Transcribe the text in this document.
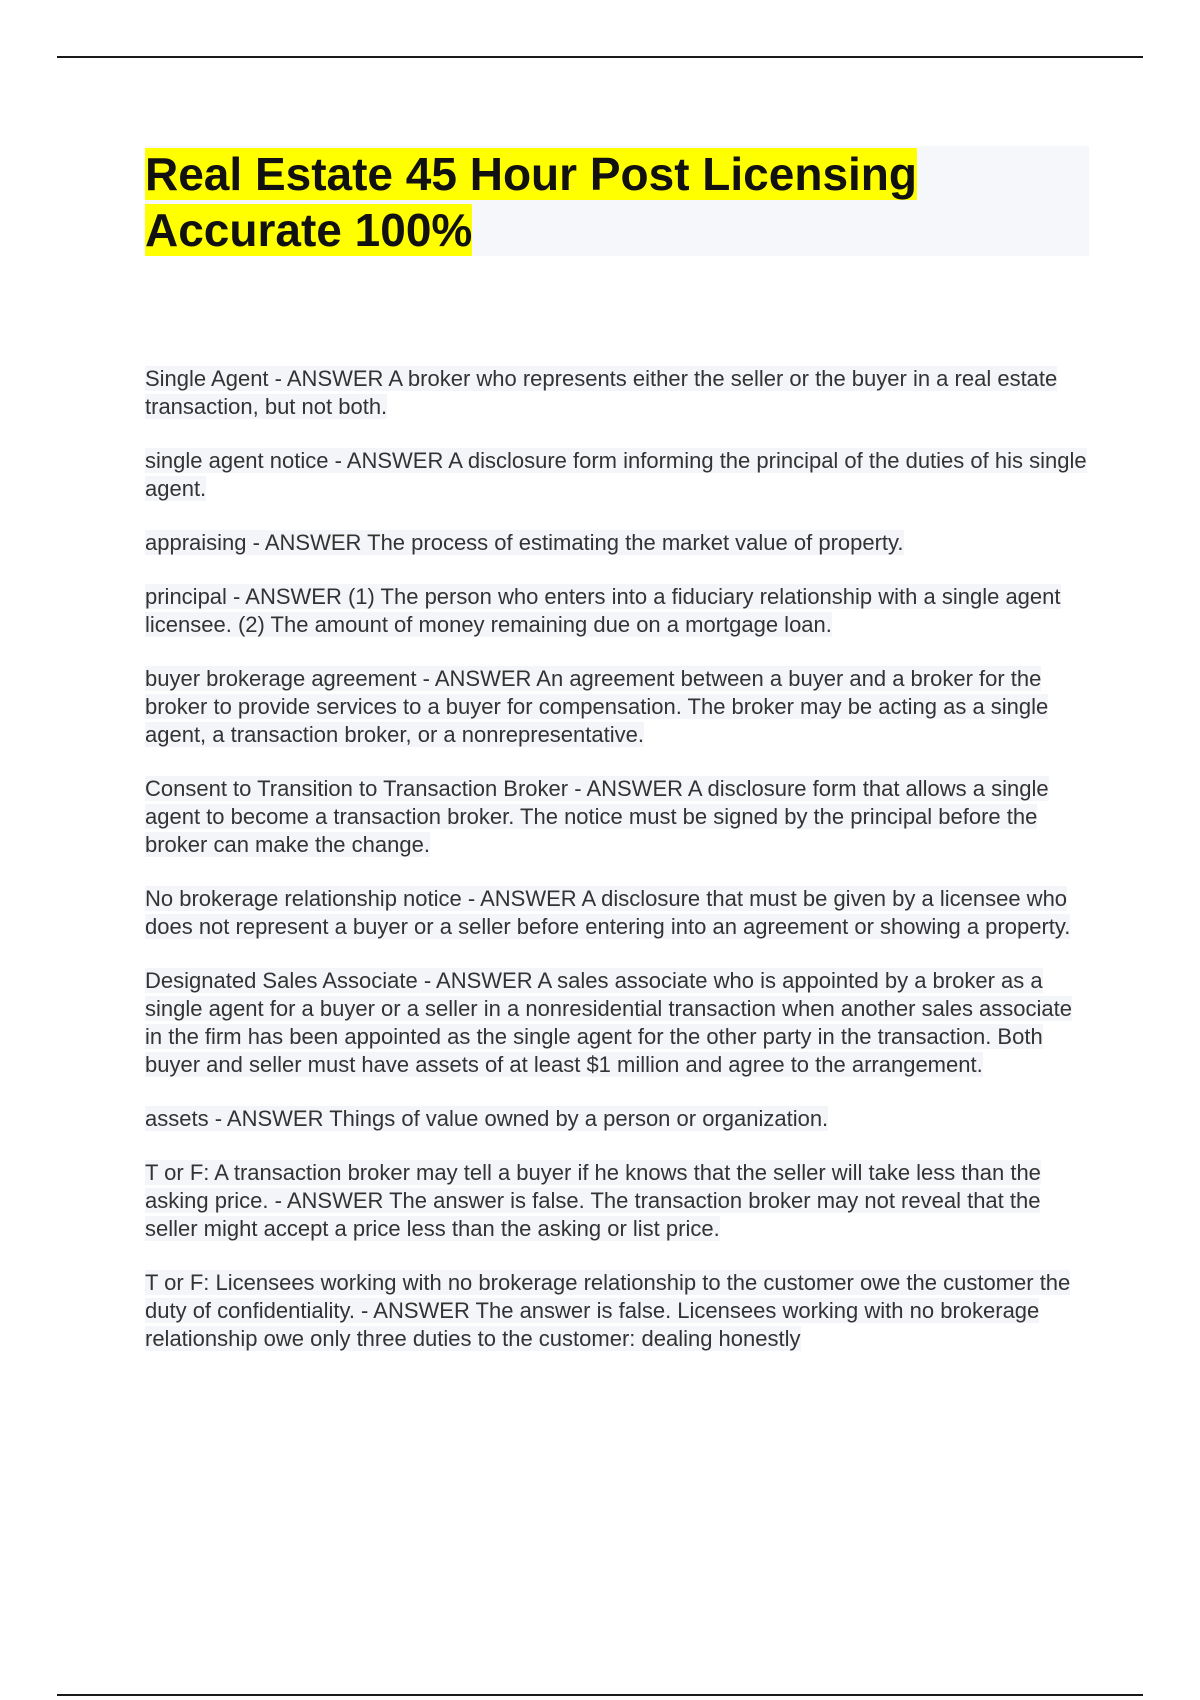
Real Estate 45 Hour Post Licensing Accurate 100%

Single Agent - ANSWER A broker who represents either the seller or the buyer in a real estate transaction, but not both.

single agent notice - ANSWER A disclosure form informing the principal of the duties of his single agent.

appraising - ANSWER The process of estimating the market value of property.

principal - ANSWER (1) The person who enters into a fiduciary relationship with a single agent licensee. (2) The amount of money remaining due on a mortgage loan.

buyer brokerage agreement - ANSWER An agreement between a buyer and a broker for the broker to provide services to a buyer for compensation. The broker may be acting as a single agent, a transaction broker, or a nonrepresentative.

Consent to Transition to Transaction Broker - ANSWER A disclosure form that allows a single agent to become a transaction broker. The notice must be signed by the principal before the broker can make the change.

No brokerage relationship notice - ANSWER A disclosure that must be given by a licensee who does not represent a buyer or a seller before entering into an agreement or showing a property.

Designated Sales Associate - ANSWER A sales associate who is appointed by a broker as a single agent for a buyer or a seller in a nonresidential transaction when another sales associate in the firm has been appointed as the single agent for the other party in the transaction. Both buyer and seller must have assets of at least $1 million and agree to the arrangement.

assets - ANSWER Things of value owned by a person or organization.

T or F: A transaction broker may tell a buyer if he knows that the seller will take less than the asking price. - ANSWER The answer is false. The transaction broker may not reveal that the seller might accept a price less than the asking or list price.

T or F: Licensees working with no brokerage relationship to the customer owe the customer the duty of confidentiality. - ANSWER The answer is false. Licensees working with no brokerage relationship owe only three duties to the customer: dealing honestly
